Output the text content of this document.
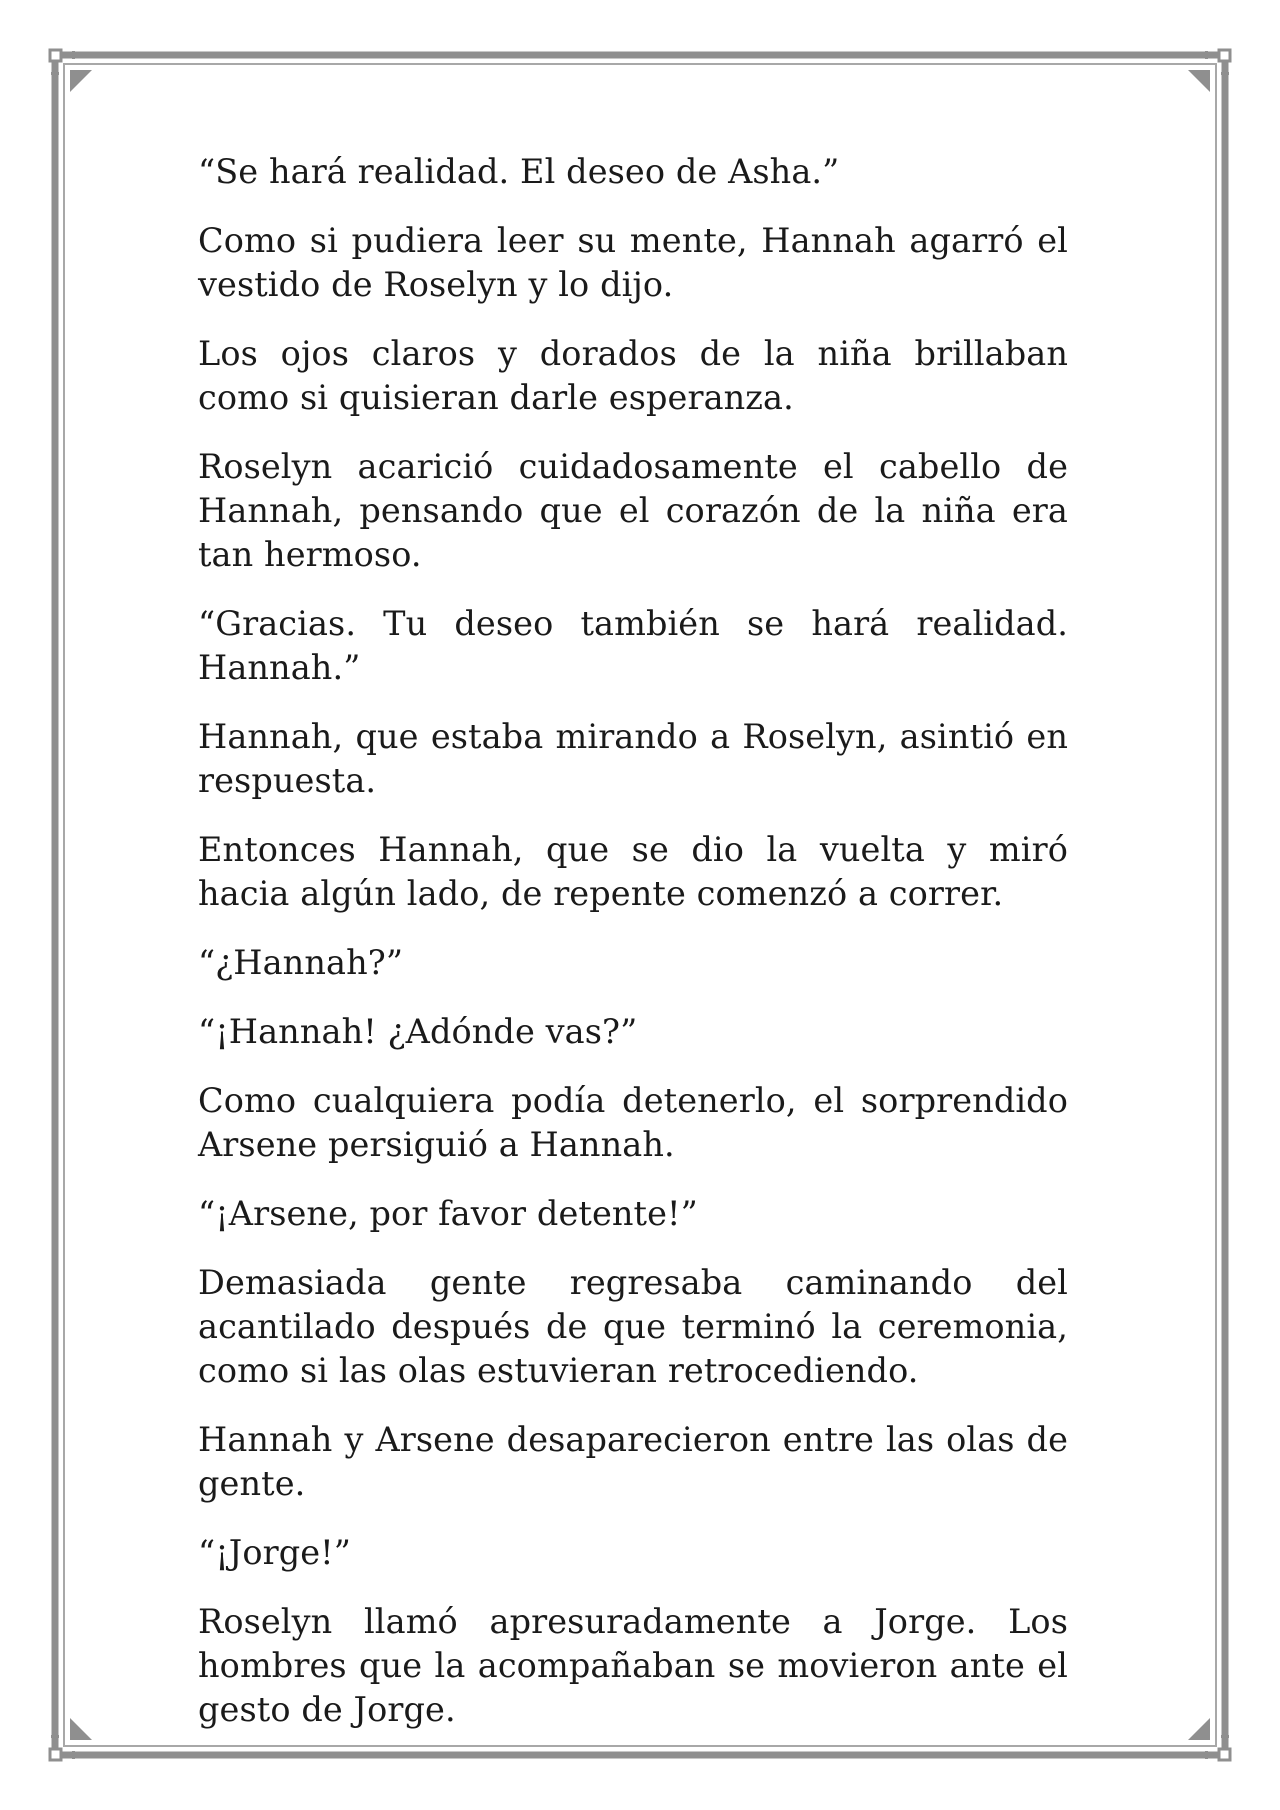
“Se hará realidad. El deseo de Asha.”

Como si pudiera leer su mente, Hannah agarró el vestido de Roselyn y lo dijo.

Los ojos claros y dorados de la niña brillaban como si quisieran darle esperanza.

Roselyn acarició cuidadosamente el cabello de Hannah, pensando que el corazón de la niña era tan hermoso.

“Gracias. Tu deseo también se hará realidad. Hannah.”

Hannah, que estaba mirando a Roselyn, asintió en respuesta.

Entonces Hannah, que se dio la vuelta y miró hacia algún lado, de repente comenzó a correr.

“¿Hannah?”

“¡Hannah! ¿Adónde vas?”

Como cualquiera podía detenerlo, el sorprendido Arsene persiguió a Hannah.

“¡Arsene, por favor detente!”

Demasiada gente regresaba caminando del acantilado después de que terminó la ceremonia, como si las olas estuvieran retrocediendo.

Hannah y Arsene desaparecieron entre las olas de gente.

“¡Jorge!”

Roselyn llamó apresuradamente a Jorge. Los hombres que la acompañaban se movieron ante el gesto de Jorge.
